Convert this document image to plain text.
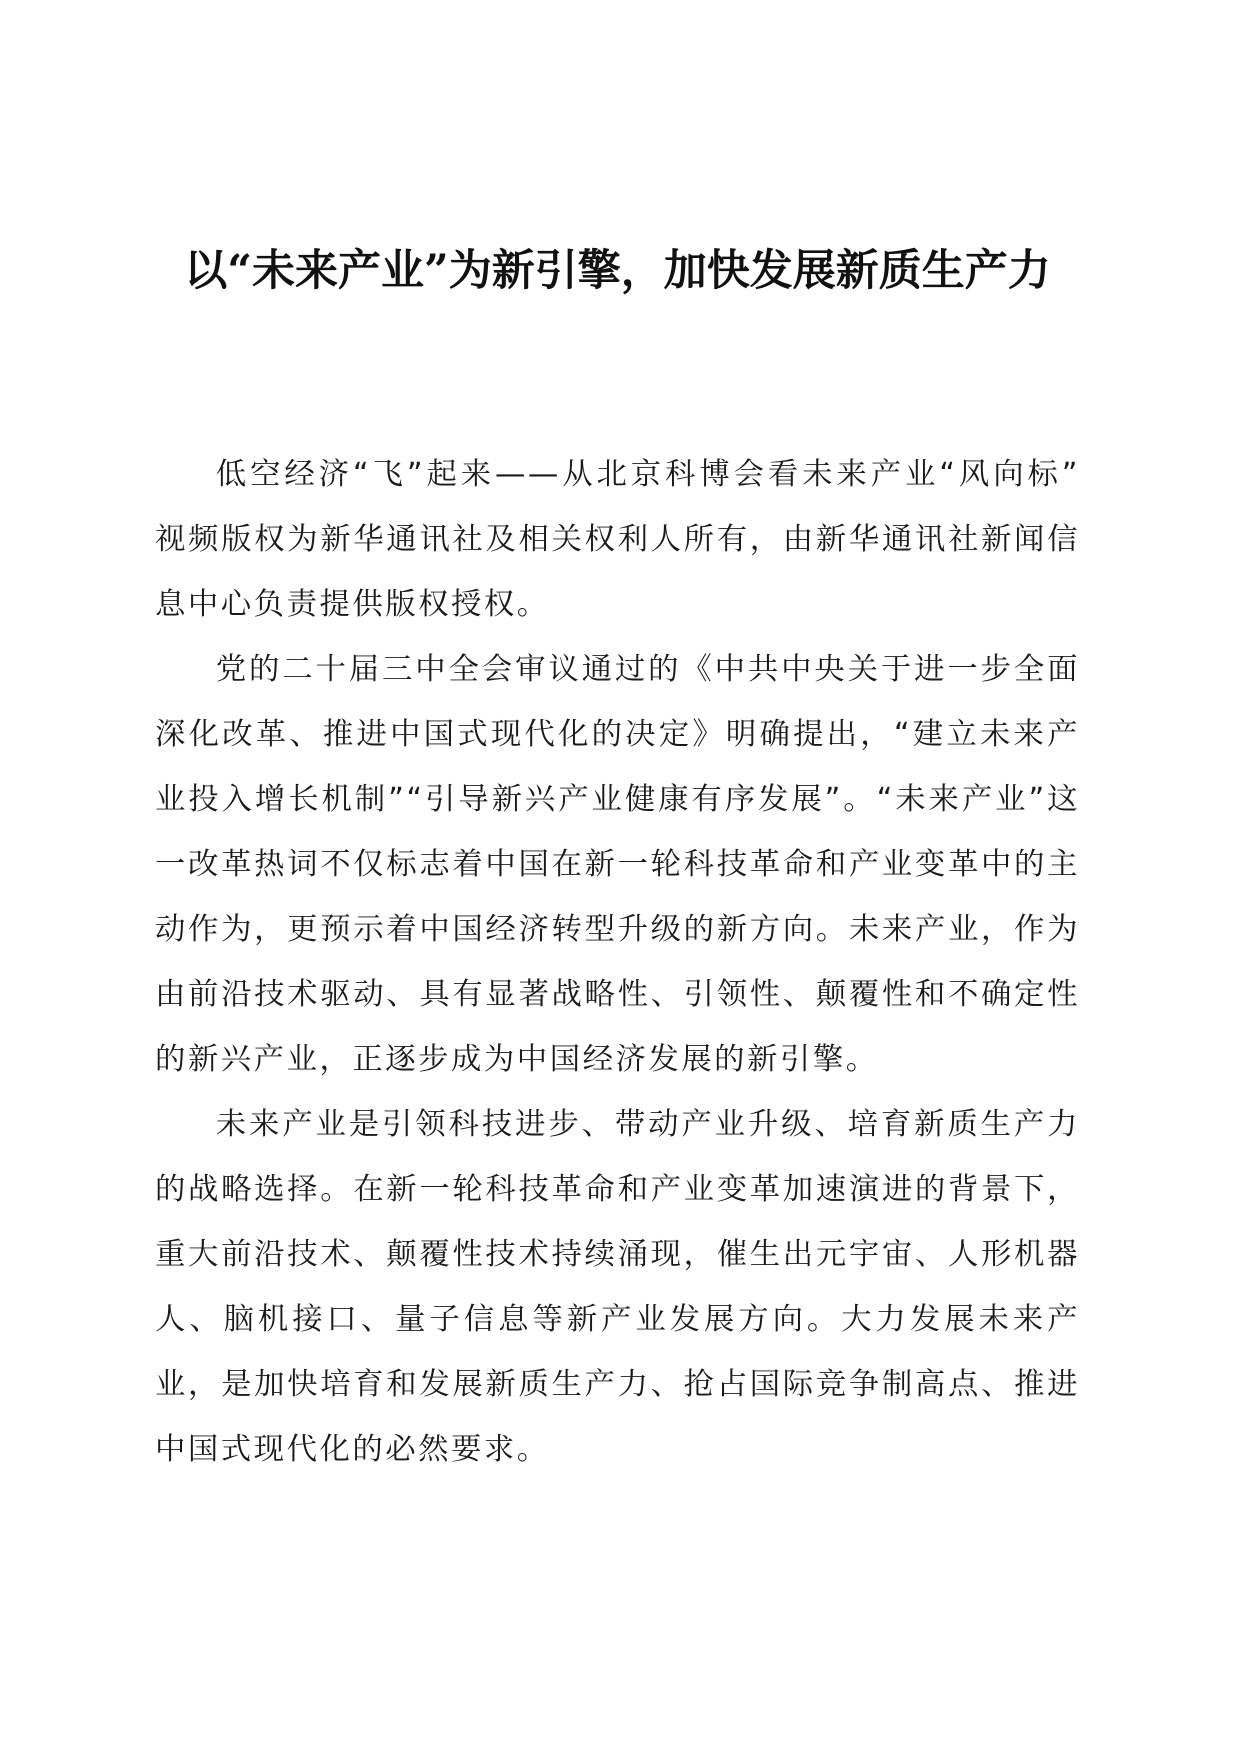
以“未来产业”为新引擎，加快发展新质生产力

低空经济“飞”起来——从北京科博会看未来产业“风向标”　视频版权为新华通讯社及相关权利人所有，由新华通讯社新闻信息中心负责提供版权授权。

党的二十届三中全会审议通过的《中共中央关于进一步全面深化改革、推进中国式现代化的决定》明确提出，“建立未来产业投入增长机制”“引导新兴产业健康有序发展”。“未来产业”这一改革热词不仅标志着中国在新一轮科技革命和产业变革中的主动作为，更预示着中国经济转型升级的新方向。未来产业，作为由前沿技术驱动、具有显著战略性、引领性、颠覆性和不确定性的新兴产业，正逐步成为中国经济发展的新引擎。

未来产业是引领科技进步、带动产业升级、培育新质生产力的战略选择。在新一轮科技革命和产业变革加速演进的背景下，重大前沿技术、颠覆性技术持续涌现，催生出元宇宙、人形机器人、脑机接口、量子信息等新产业发展方向。大力发展未来产业，是加快培育和发展新质生产力、抢占国际竞争制高点、推进中国式现代化的必然要求。
